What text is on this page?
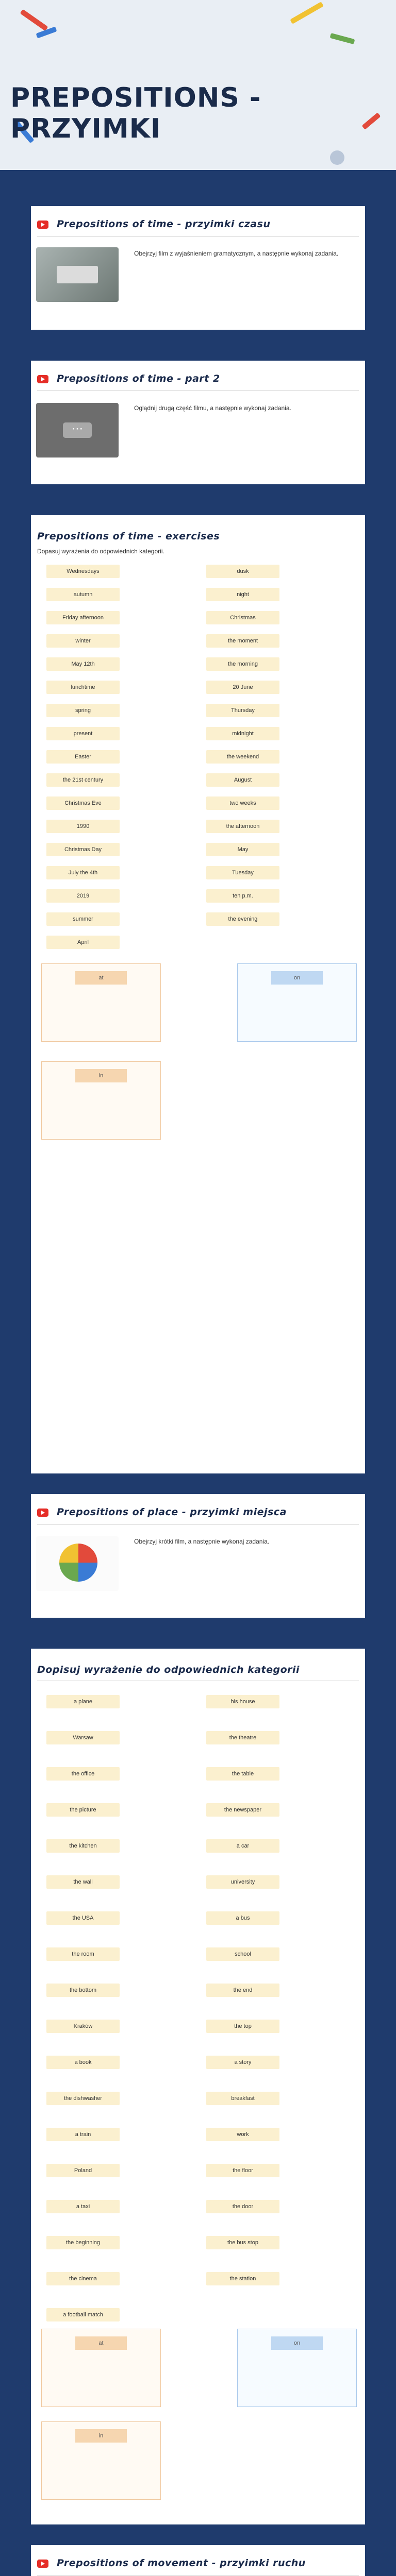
PREPOSITIONS - PRZYIMKI
Prepositions of time - przyimki czasu
Obejrzyj film z wyjaśnieniem gramatycznym, a następnie wykonaj zadania.
Prepositions of time - part 2
⋯
Oglądnij drugą część filmu, a następnie wykonaj zadania.
Prepositions of time - exercises
Dopasuj wyrażenia do odpowiednich kategorii.
Wednesdays	dusk
autumn	night
Friday afternoon	Christmas
winter	the moment
May 12th	the morning
lunchtime	20 June
spring	Thursday
present	midnight
Easter	the weekend
the 21st century	August
Christmas Eve	two weeks
1990	the afternoon
Christmas Day	May
July the 4th	Tuesday
2019	ten p.m.
summer	the evening
April
at	on
in
Prepositions of place - przyimki miejsca
Obejrzyj krótki film, a następnie wykonaj zadania.
Dopisuj wyrażenie do odpowiednich kategorii
a plane	his house
Warsaw	the theatre
the office	the table
the picture	the newspaper
the kitchen	a car
the wall	university
the USA	a bus
the room	school
the bottom	the end
Kraków	the top
a book	a story
the dishwasher	breakfast
a train	work
Poland	the floor
a taxi	the door
the beginning	the bus stop
the cinema	the station
a football match
at	on
in
Prepositions of movement - przyimki ruchu
